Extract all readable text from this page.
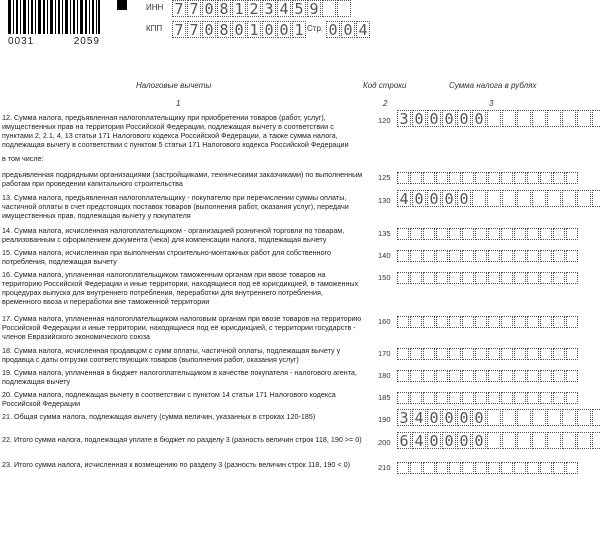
0031	2059
ИНН 7 7 0 8 1 2 3 4 5 9
КПП 7 7 0 8 0 1 0 0 1 Стр. 0 0 4
Налоговые вычеты	Код строки	Сумма налога в рублях
1	2	3
12. Сумма налога, предъявленная налогоплательщику при приобретении товаров (работ, услуг), имущественных прав на территории Российской Федерации, подлежащая вычету в соответствии с пунктами 2, 2.1, 4, 13 статьи 171 Налогового кодекса Российской Федерации, а также сумма налога, подлежащая вычету в соответствии с пунктом 5 статьи 171 Налогового кодекса Российской Федерации
120 3 0 0 0 0 0
в том числе:
предъявленная подрядными организациями (застройщиками, техническими заказчиками) по выполненным работам при проведении капитального строительства
125
13. Сумма налога, предъявленная налогоплательщику - покупателю при перечислении суммы оплаты, частичной оплаты в счет предстоящих поставок товаров (выполнения работ, оказания услуг), передачи имущественных прав, подлежащая вычету у покупателя
130 4 0 0 0 0
14. Сумма налога, исчисленная налогоплательщиком - организацией розничной торговли по товарам, реализованным с оформлением документа (чека) для компенсации налога, подлежащая вычету
135
15. Сумма налога, исчисленная при выполнении строительно-монтажных работ для собственного потребления, подлежащая вычету
140
16. Сумма налога, уплаченная налогоплательщиком таможенным органам при ввозе товаров на территорию Российской Федерации и иные территории, находящиеся под её юрисдикцией, в таможенных процедурах выпуска для внутреннего потребления, переработки для внутреннего потребления, временного ввоза и переработки вне таможенной территории
150
17. Сумма налога, уплаченная налогоплательщиком налоговым органам при ввозе товаров на территорию Российской Федерации и иные территории, находящиеся под её юрисдикцией, с территории государств - членов Евразийского экономического союза
160
18. Сумма налога, исчисленная продавцом с сумм оплаты, частичной оплаты, подлежащая вычету у продавца с даты отгрузки соответствующих товаров (выполнения работ, оказания услуг)
170
19. Сумма налога, уплаченная в бюджет налогоплательщиком в качестве покупателя - налогового агента, подлежащая вычету
180
20. Сумма налога, подлежащая вычету в соответствии с пунктом 14 статьи 171 Налогового кодекса Российской Федерации
185
21. Общая сумма налога, подлежащая вычету (сумма величин, указанных в строках 120-185)	190 3 4 0 0 0 0
22. Итого сумма налога, подлежащая уплате в бюджет по разделу 3 (разность величин строк 118, 190 >= 0)	200 6 4 0 0 0 0
23. Итого сумма налога, исчисленная к возмещению по разделу 3 (разность величин строк 118, 190 < 0)	210
